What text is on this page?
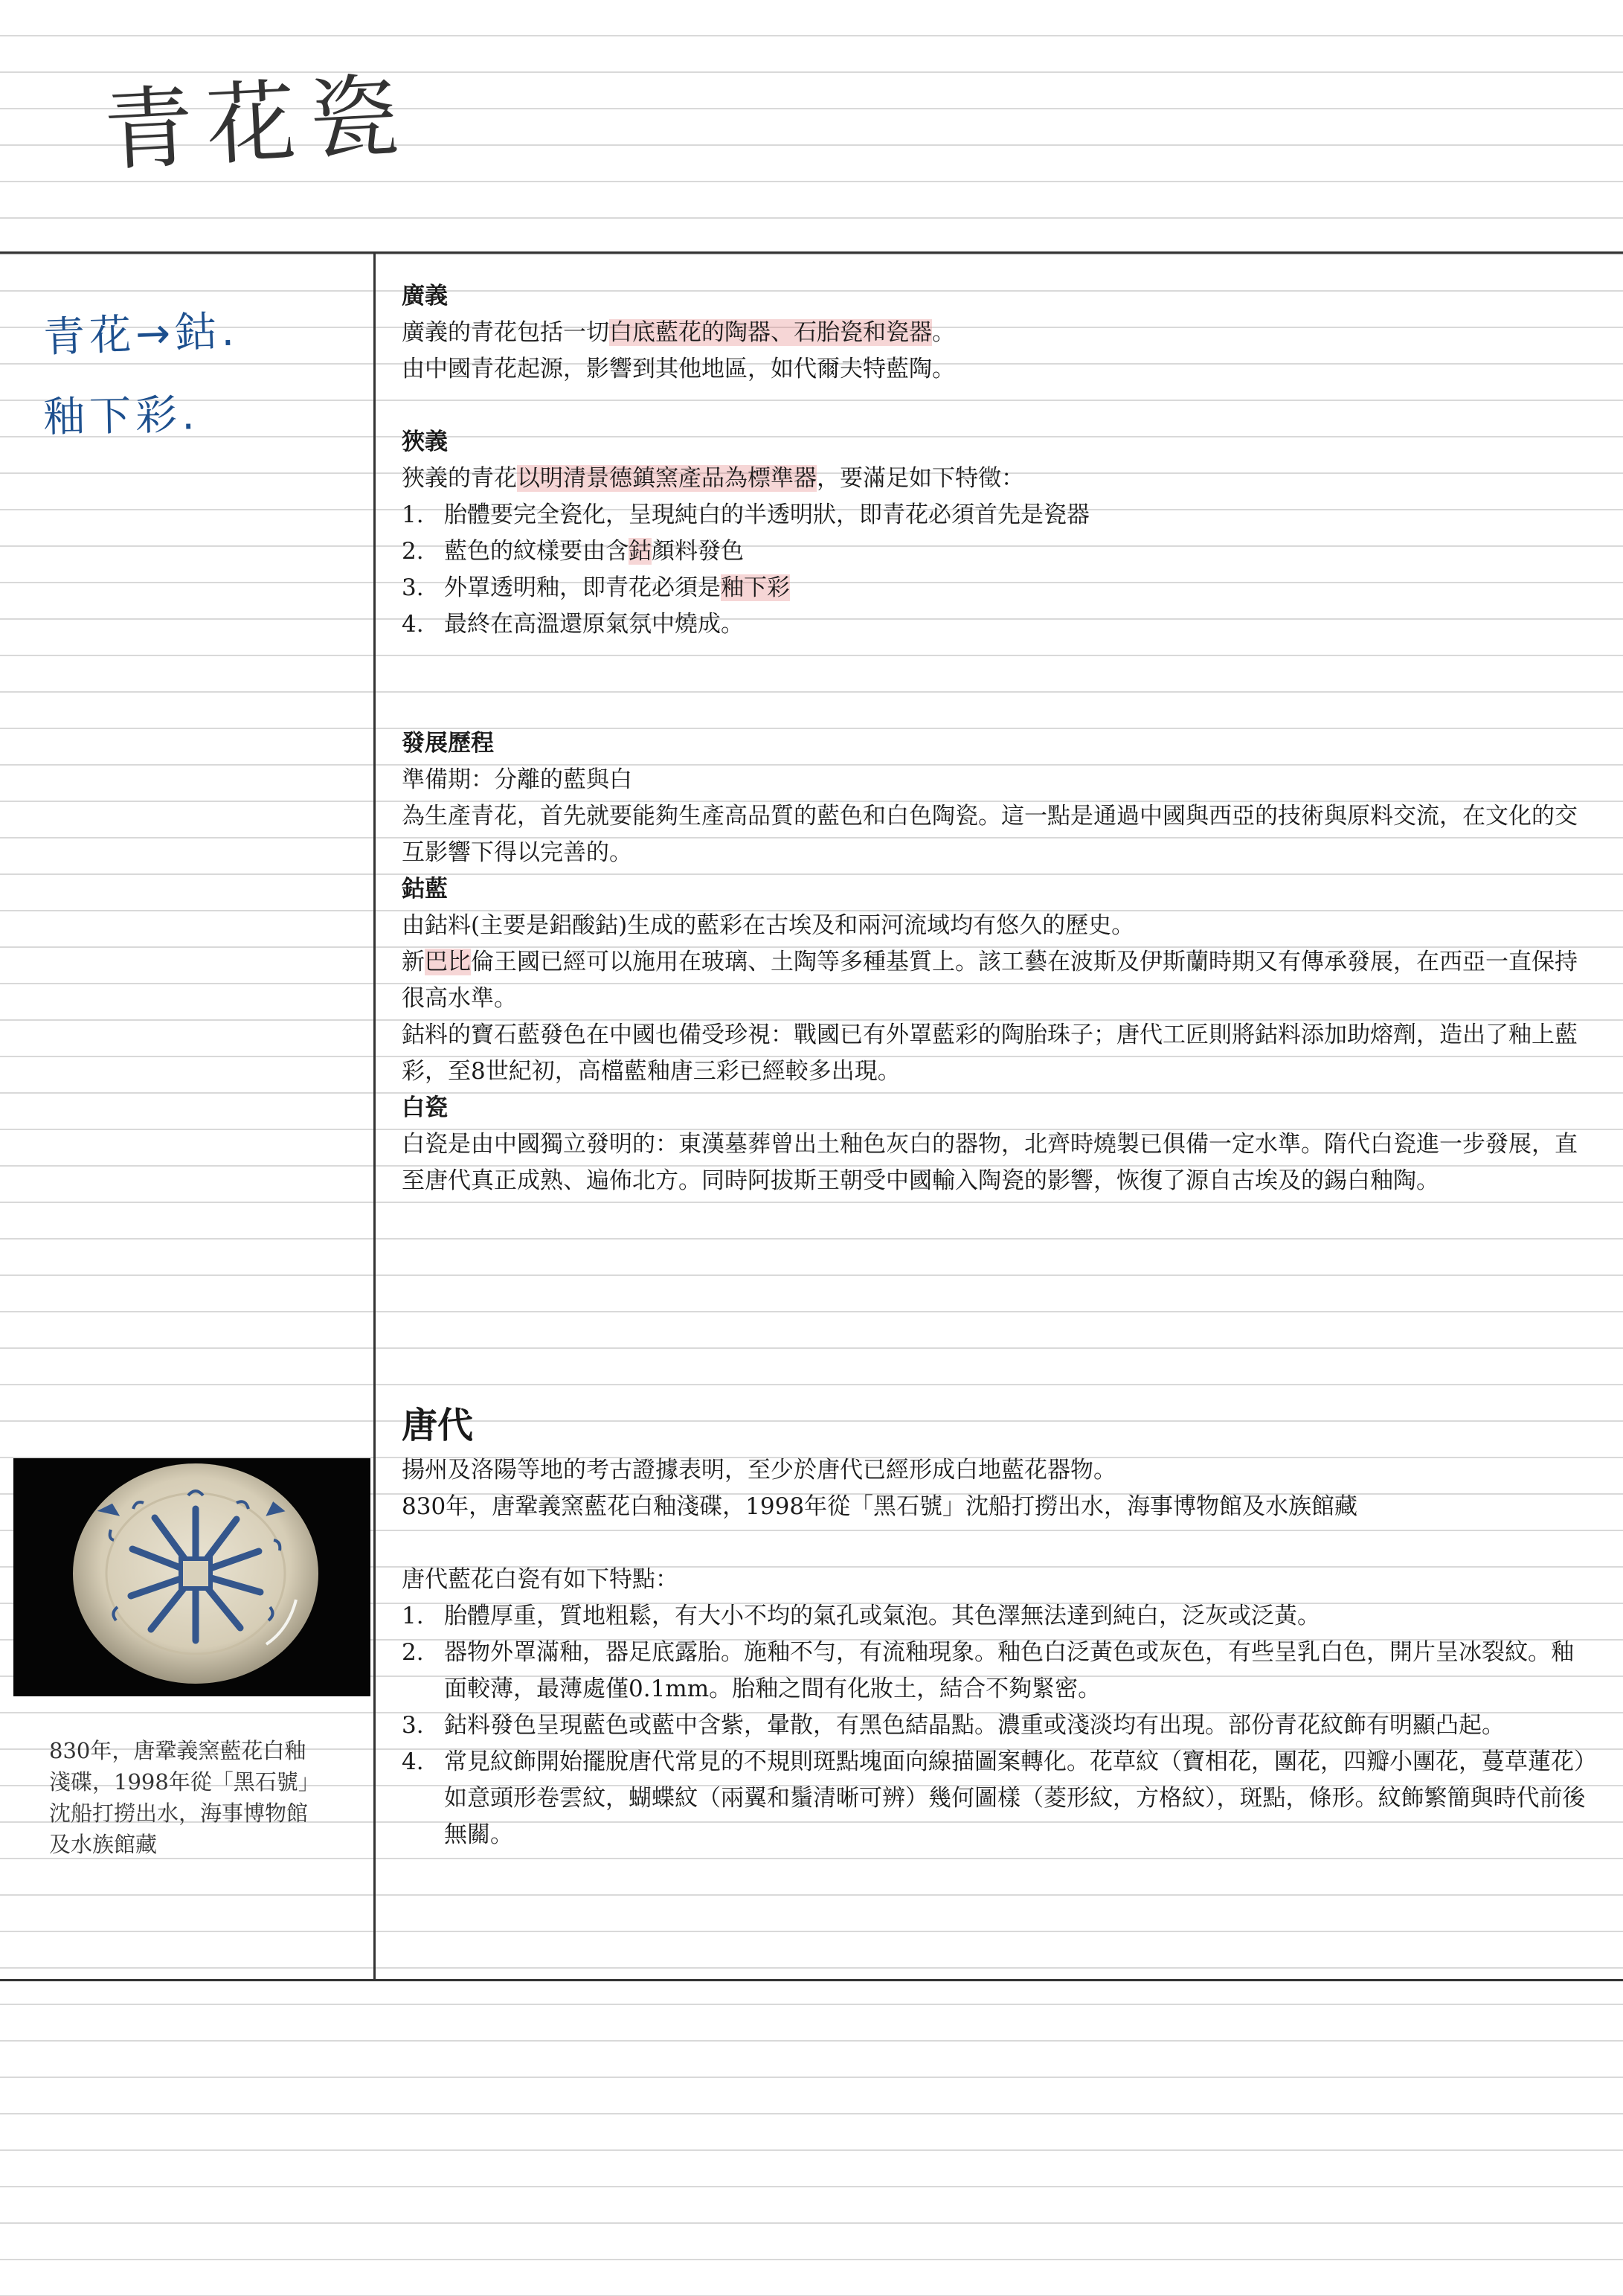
青花瓷

青花→鈷.

釉下彩.

廣義

廣義的青花包括一切白底藍花的陶器、石胎瓷和瓷器。

由中國青花起源，影響到其他地區，如代爾夫特藍陶。

狹義

狹義的青花以明清景德鎮窯產品為標準器，要滿足如下特徵：

1. 胎體要完全瓷化，呈現純白的半透明狀，即青花必須首先是瓷器
2. 藍色的紋樣要由含鈷顏料發色
3. 外罩透明釉，即青花必須是釉下彩
4. 最終在高溫還原氣氛中燒成。

發展歷程

準備期：分離的藍與白

為生產青花，首先就要能夠生產高品質的藍色和白色陶瓷。這一點是通過中國與西亞的技術與原料交流，在文化的交互影響下得以完善的。

鈷藍

由鈷料(主要是鋁酸鈷)生成的藍彩在古埃及和兩河流域均有悠久的歷史。

新巴比倫王國已經可以施用在玻璃、土陶等多種基質上。該工藝在波斯及伊斯蘭時期又有傳承發展，在西亞一直保持很高水準。

鈷料的寶石藍發色在中國也備受珍視：戰國已有外罩藍彩的陶胎珠子；唐代工匠則將鈷料添加助熔劑，造出了釉上藍彩，至8世紀初，高檔藍釉唐三彩已經較多出現。

白瓷

白瓷是由中國獨立發明的：東漢墓葬曾出土釉色灰白的器物，北齊時燒製已俱備一定水準。隋代白瓷進一步發展，直至唐代真正成熟、遍佈北方。同時阿拔斯王朝受中國輸入陶瓷的影響，恢復了源自古埃及的錫白釉陶。

唐代

揚州及洛陽等地的考古證據表明，至少於唐代已經形成白地藍花器物。

830年，唐鞏義窯藍花白釉淺碟，1998年從「黑石號」沈船打撈出水，海事博物館及水族館藏

唐代藍花白瓷有如下特點：

1. 胎體厚重，質地粗鬆，有大小不均的氣孔或氣泡。其色澤無法達到純白，泛灰或泛黃。
2. 器物外罩滿釉，器足底露胎。施釉不勻，有流釉現象。釉色白泛黃色或灰色，有些呈乳白色，開片呈冰裂紋。釉面較薄，最薄處僅0.1mm。胎釉之間有化妝土，結合不夠緊密。
3. 鈷料發色呈現藍色或藍中含紫，暈散，有黑色結晶點。濃重或淺淡均有出現。部份青花紋飾有明顯凸起。
4. 常見紋飾開始擺脫唐代常見的不規則斑點塊面向線描圖案轉化。花草紋（寶相花，團花，四瓣小團花，蔓草蓮花）如意頭形卷雲紋，蝴蝶紋（兩翼和鬚清晰可辨）幾何圖樣（菱形紋，方格紋），斑點，條形。紋飾繁簡與時代前後無關。

830年，唐鞏義窯藍花白釉淺碟，1998年從「黑石號」沈船打撈出水，海事博物館及水族館藏
